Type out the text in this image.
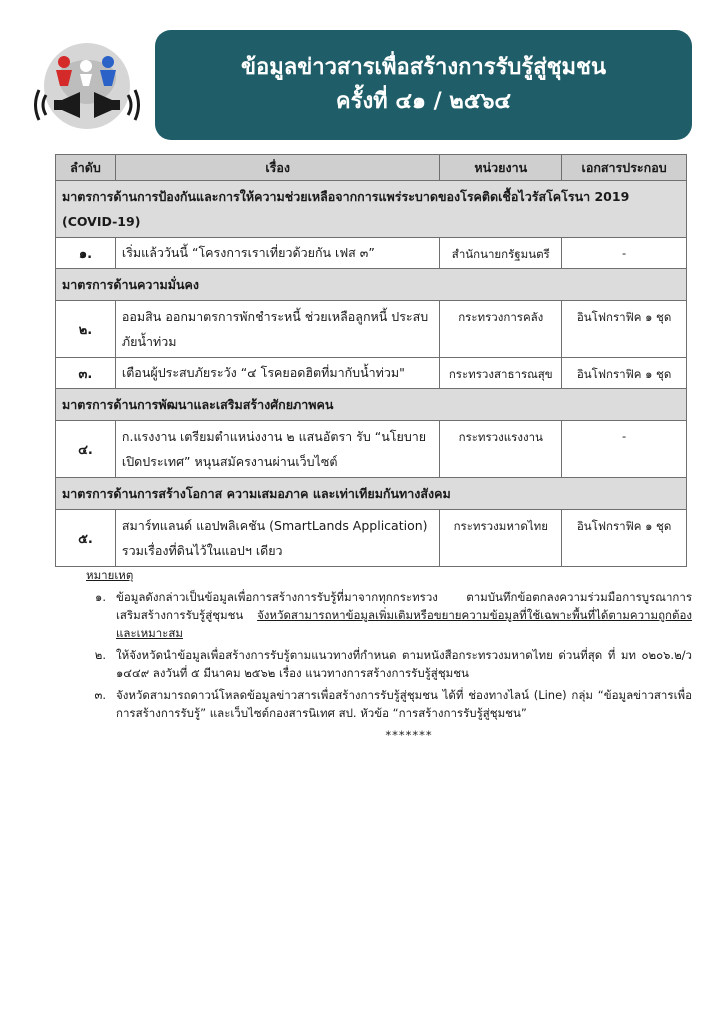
ข้อมูลข่าวสารเพื่อสร้างการรับรู้สู่ชุมชน
ครั้งที่ ๔๑ / ๒๕๖๔
ลำดับ	เรื่อง	หน่วยงาน	เอกสารประกอบ
มาตรการด้านการป้องกันและการให้ความช่วยเหลือจากการแพร่ระบาดของโรคติดเชื้อไวรัสโคโรนา 2019 (COVID-19)			
๑.	เริ่มแล้ววันนี้ “โครงการเราเที่ยวด้วยกัน เฟส ๓”	สำนักนายกรัฐมนตรี	-
มาตรการด้านความมั่นคง			
๒.	ออมสิน ออกมาตรการพักชำระหนี้ ช่วยเหลือลูกหนี้ ประสบภัยน้ำท่วม	กระทรวงการคลัง	อินโฟกราฟิค ๑ ชุด
๓.	เตือนผู้ประสบภัยระวัง “๔ โรคยอดฮิตที่มากับน้ำท่วม"	กระทรวงสาธารณสุข	อินโฟกราฟิค ๑ ชุด
มาตรการด้านการพัฒนาและเสริมสร้างศักยภาพคน			
๔.	ก.แรงงาน เตรียมตำแหน่งงาน ๒ แสนอัตรา รับ “นโยบายเปิดประเทศ” หนุนสมัครงานผ่านเว็บไซต์	กระทรวงแรงงาน	-
มาตรการด้านการสร้างโอกาส ความเสมอภาค และเท่าเทียมกันทางสังคม			
๕.	สมาร์ทแลนด์ แอปพลิเคชัน (SmartLands Application) รวมเรื่องที่ดินไว้ในแอปฯ เดียว	กระทรวงมหาดไทย	อินโฟกราฟิค ๑ ชุด
หมายเหตุ
๑. ข้อมูลดังกล่าวเป็นข้อมูลเพื่อการสร้างการรับรู้ที่มาจากทุกกระทรวง ตามบันทึกข้อตกลงความร่วมมือการบูรณาการเสริมสร้างการรับรู้สู่ชุมชน จังหวัดสามารถหาข้อมูลเพิ่มเติมหรือขยายความข้อมูลที่ใช้เฉพาะพื้นที่ได้ตามความถูกต้องและเหมาะสม
๒. ให้จังหวัดนำข้อมูลเพื่อสร้างการรับรู้ตามแนวทางที่กำหนด ตามหนังสือกระทรวงมหาดไทย ด่วนที่สุด ที่ มท ๐๒๐๖.๒/ว ๑๔๔๙ ลงวันที่ ๕ มีนาคม ๒๕๖๒ เรื่อง แนวทางการสร้างการรับรู้สู่ชุมชน
๓. จังหวัดสามารถดาวน์โหลดข้อมูลข่าวสารเพื่อสร้างการรับรู้สู่ชุมชน ได้ที่ ช่องทางไลน์ (Line) กลุ่ม “ข้อมูลข่าวสารเพื่อการสร้างการรับรู้” และเว็บไซต์กองสารนิเทศ สป. หัวข้อ “การสร้างการรับรู้สู่ชุมชน”
*******
